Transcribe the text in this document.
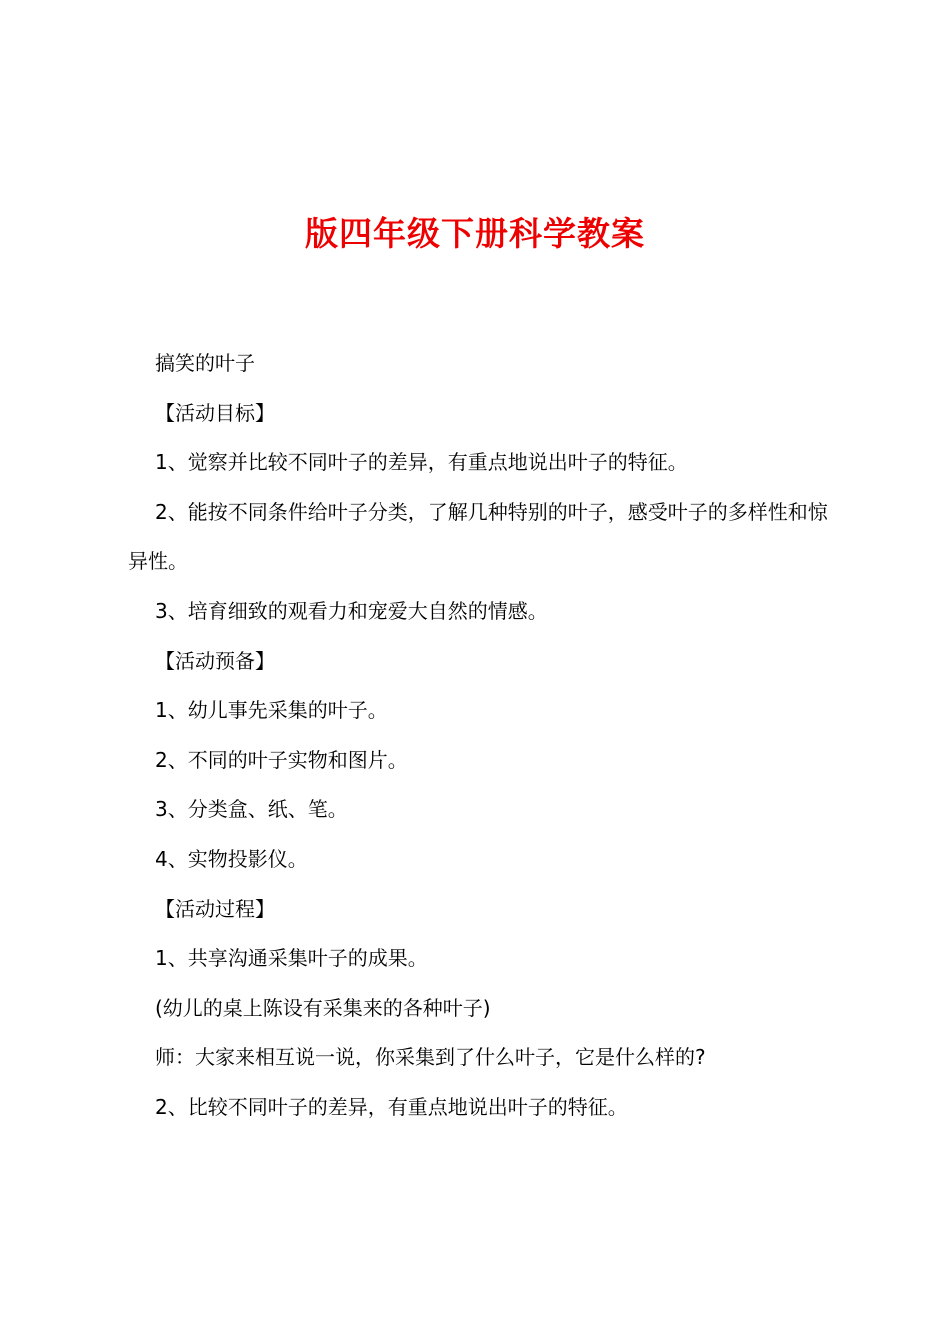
版四年级下册科学教案

搞笑的叶子

【活动目标】

1、觉察并比较不同叶子的差异，有重点地说出叶子的特征。

2、能按不同条件给叶子分类，了解几种特别的叶子，感受叶子的多样性和惊异性。

3、培育细致的观看力和宠爱大自然的情感。

【活动预备】

1、幼儿事先采集的叶子。

2、不同的叶子实物和图片。

3、分类盒、纸、笔。

4、实物投影仪。

【活动过程】

1、共享沟通采集叶子的成果。

(幼儿的桌上陈设有采集来的各种叶子)

师：大家来相互说一说，你采集到了什么叶子，它是什么样的?

2、比较不同叶子的差异，有重点地说出叶子的特征。
